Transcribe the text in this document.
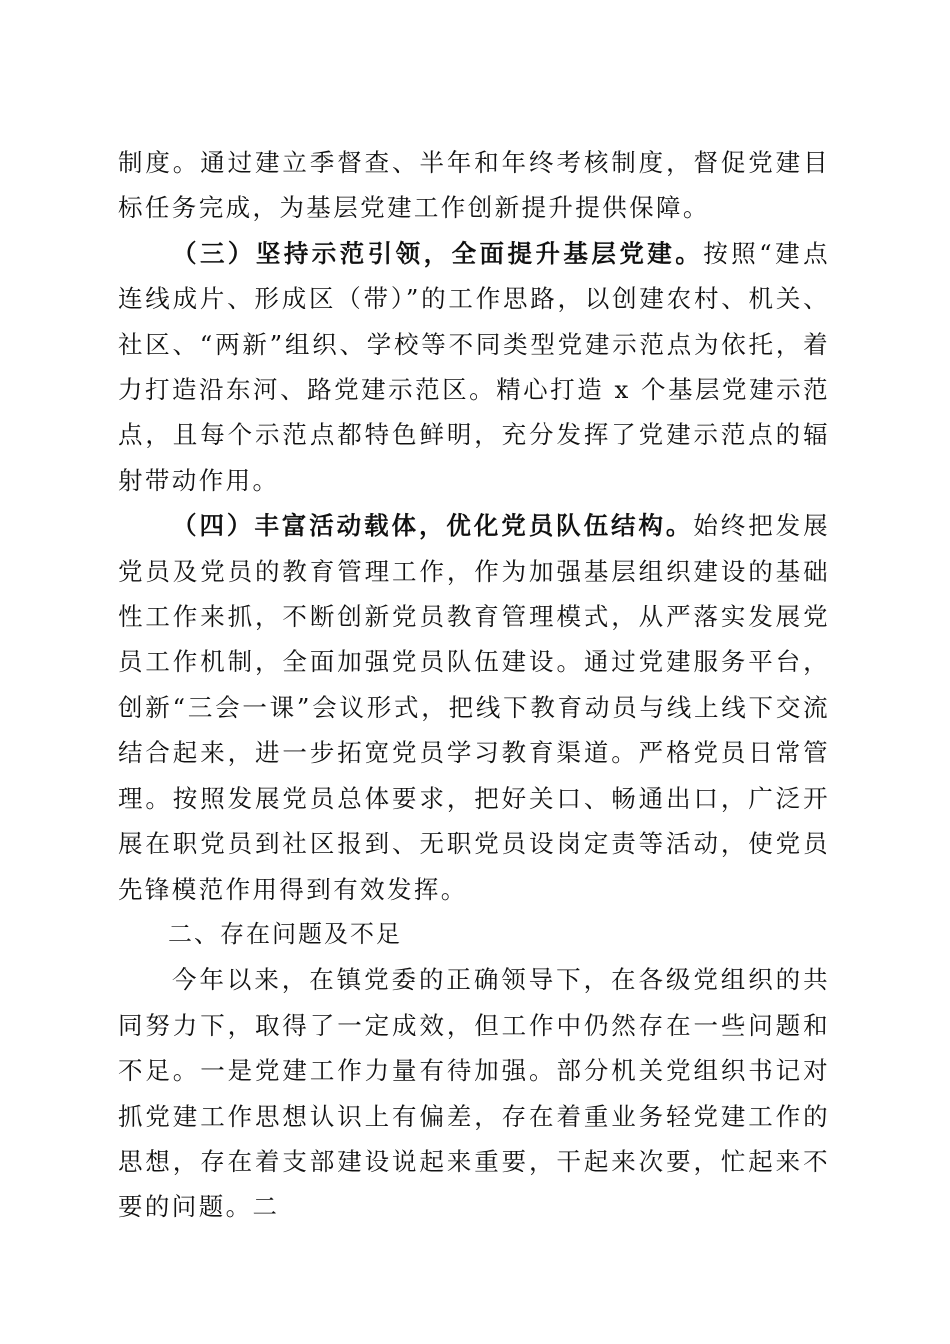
制度。通过建立季督查、半年和年终考核制度，督促党建目标任务完成，为基层党建工作创新提升提供保障。

（三）坚持示范引领，全面提升基层党建。按照“建点连线成片、形成区（带）”的工作思路，以创建农村、机关、社区、“两新”组织、学校等不同类型党建示范点为依托，着力打造沿东河、路党建示范区。精心打造 x 个基层党建示范点，且每个示范点都特色鲜明，充分发挥了党建示范点的辐射带动作用。

（四）丰富活动载体，优化党员队伍结构。始终把发展党员及党员的教育管理工作，作为加强基层组织建设的基础性工作来抓，不断创新党员教育管理模式，从严落实发展党员工作机制，全面加强党员队伍建设。通过党建服务平台，创新“三会一课”会议形式，把线下教育动员与线上线下交流结合起来，进一步拓宽党员学习教育渠道。严格党员日常管理。按照发展党员总体要求，把好关口、畅通出口，广泛开展在职党员到社区报到、无职党员设岗定责等活动，使党员先锋模范作用得到有效发挥。

二、存在问题及不足

今年以来，在镇党委的正确领导下，在各级党组织的共同努力下，取得了一定成效，但工作中仍然存在一些问题和不足。一是党建工作力量有待加强。部分机关党组织书记对抓党建工作思想认识上有偏差，存在着重业务轻党建工作的思想，存在着支部建设说起来重要，干起来次要，忙起来不要的问题。二
